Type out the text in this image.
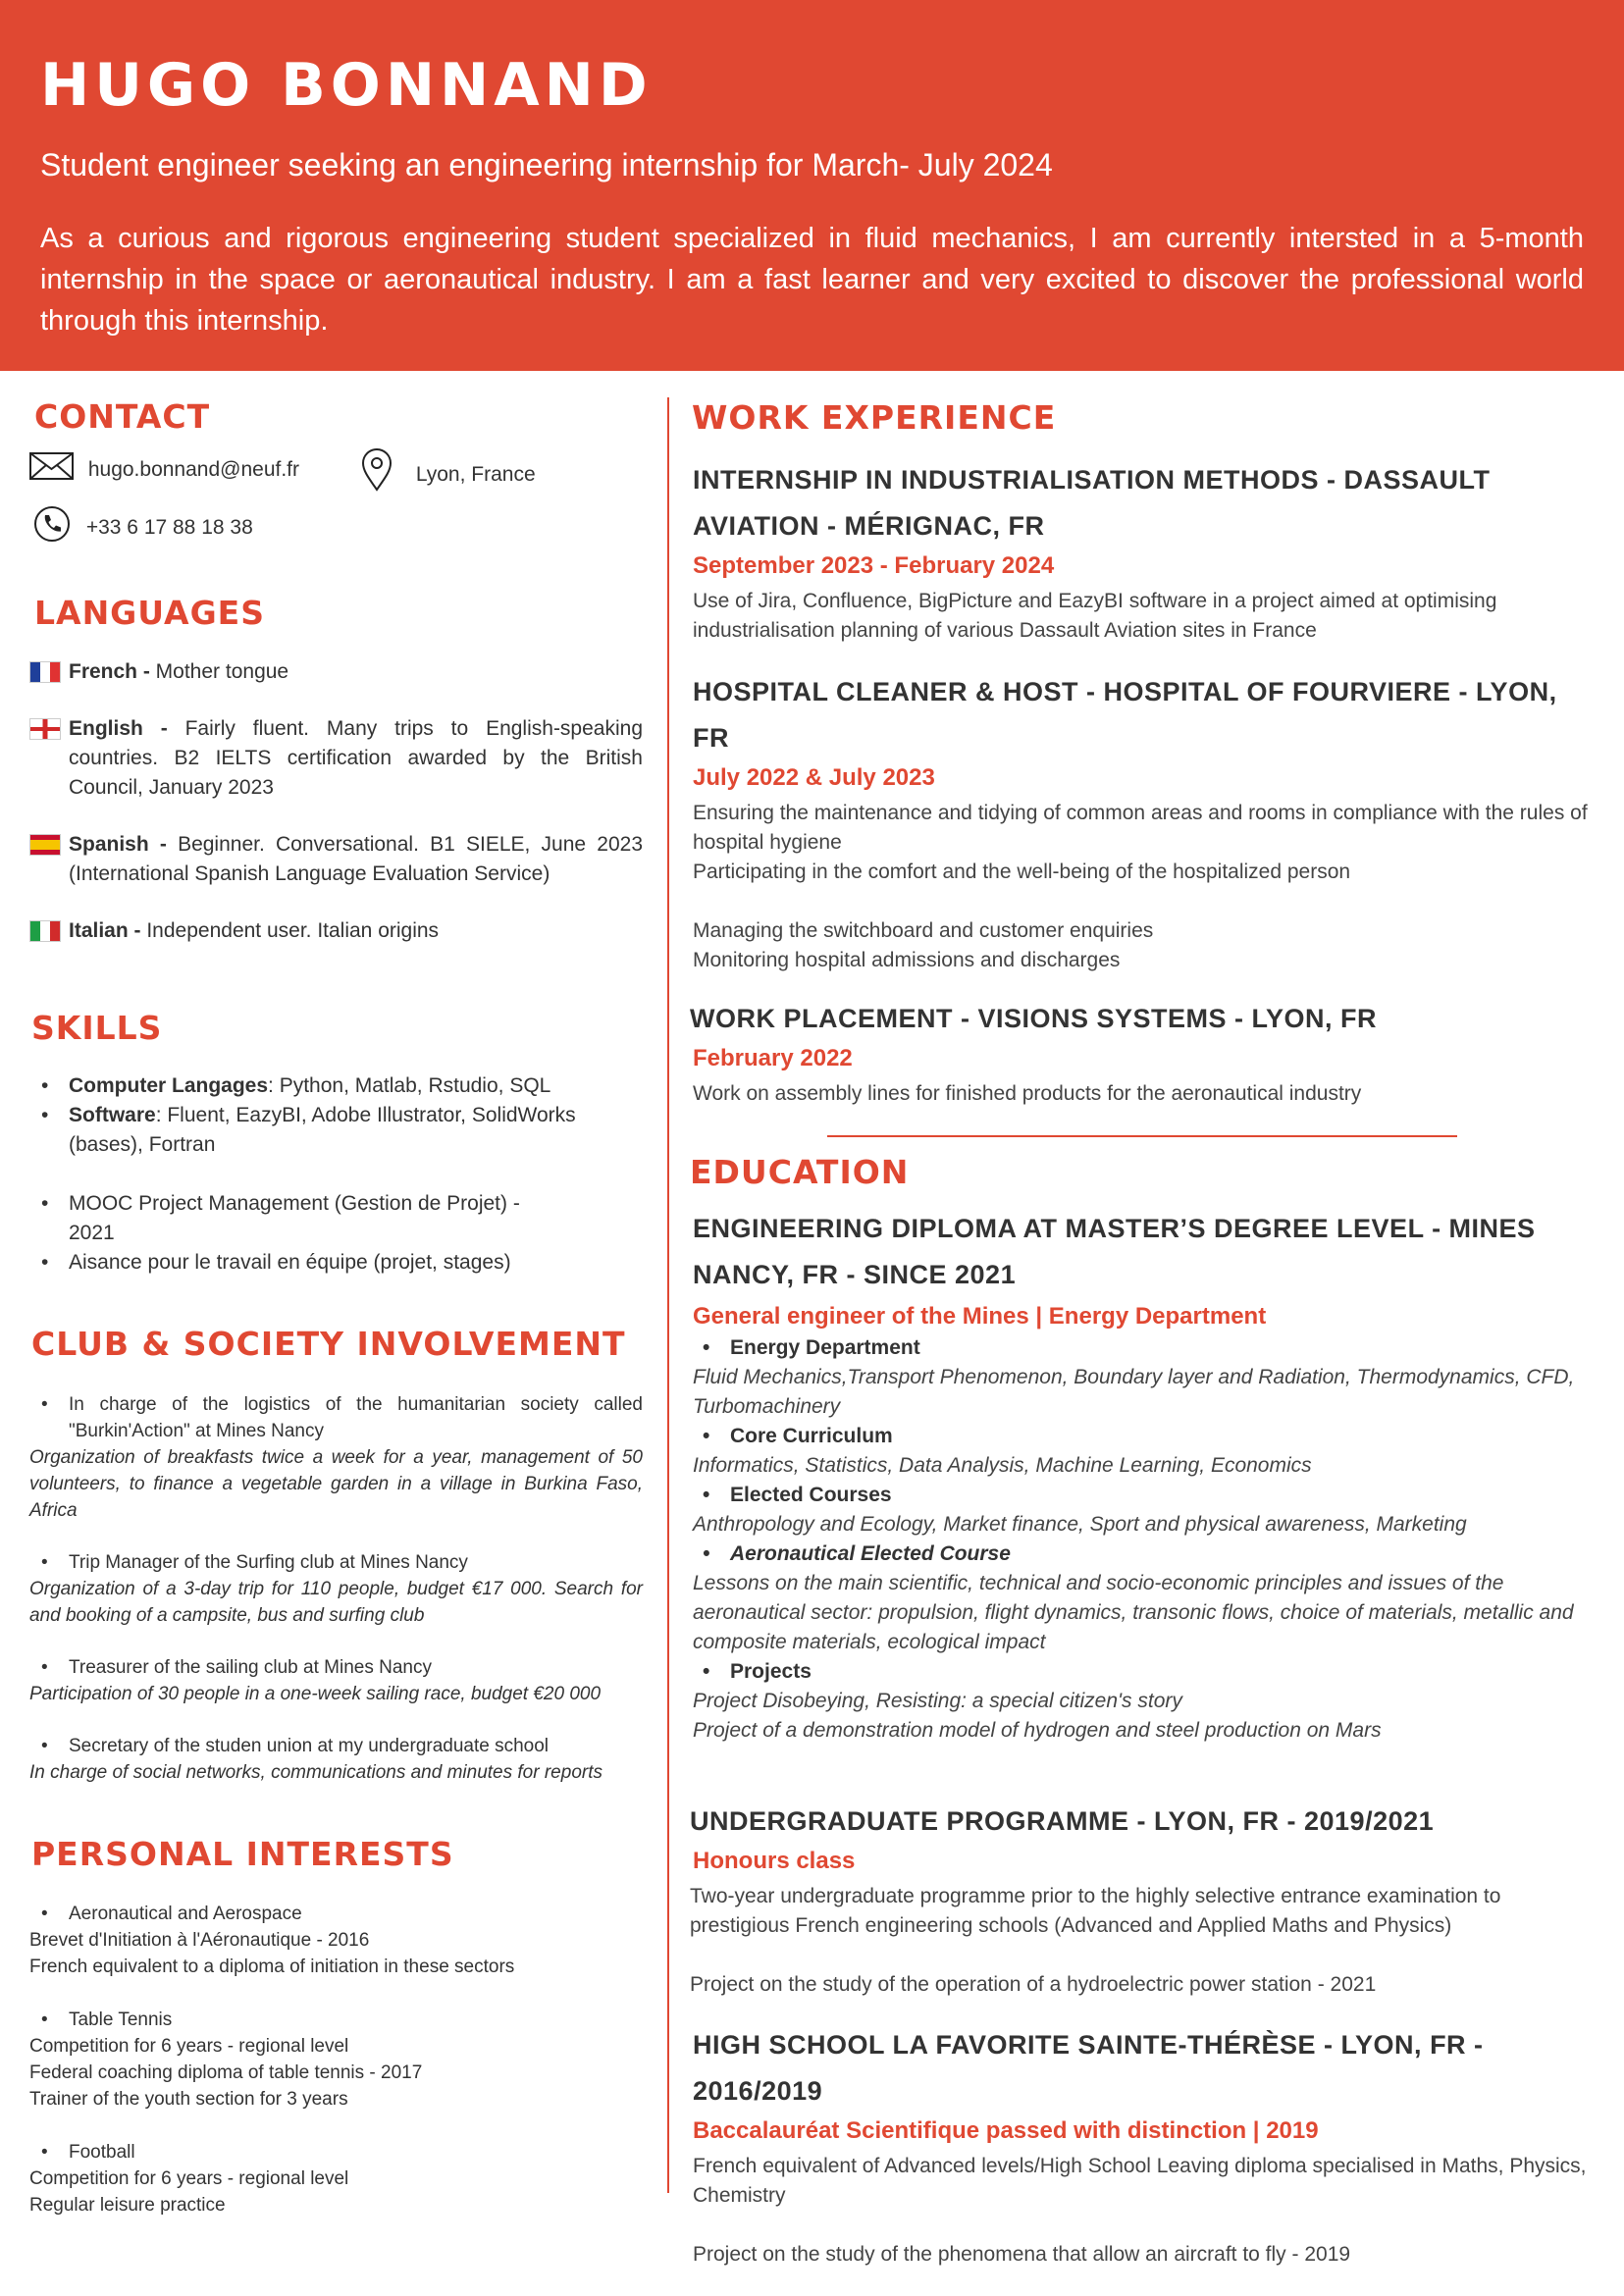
HUGO BONNAND
Student engineer seeking an engineering internship for March- July 2024
As a curious and rigorous engineering student specialized in fluid mechanics, I am currently intersted in a 5-month internship in the space or aeronautical industry. I am a fast learner and very excited to discover the professional world through this internship.
CONTACT
hugo.bonnand@neuf.fr	Lyon, France
+33 6 17 88 18 38
LANGUAGES
French - Mother tongue
English - Fairly fluent. Many trips to English-speaking countries. B2 IELTS certification awarded by the British Council, January 2023
Spanish - Beginner. Conversational. B1 SIELE, June 2023 (International Spanish Language Evaluation Service)
Italian - Independent user. Italian origins
SKILLS
• Computer Langages: Python, Matlab, Rstudio, SQL
• Software: Fluent, EazyBI, Adobe Illustrator, SolidWorks (bases), Fortran
• MOOC Project Management (Gestion de Projet) - 2021
• Aisance pour le travail en équipe (projet, stages)
CLUB & SOCIETY INVOLVEMENT
• In charge of the logistics of the humanitarian society called "Burkin'Action" at Mines Nancy
Organization of breakfasts twice a week for a year, management of 50 volunteers, to finance a vegetable garden in a village in Burkina Faso, Africa
• Trip Manager of the Surfing club at Mines Nancy
Organization of a 3-day trip for 110 people, budget €17 000. Search for and booking of a campsite, bus and surfing club
• Treasurer of the sailing club at Mines Nancy
Participation of 30 people in a one-week sailing race, budget €20 000
• Secretary of the studen union at my undergraduate school
In charge of social networks, communications and minutes for reports
PERSONAL INTERESTS
• Aeronautical and Aerospace
Brevet d'Initiation à l'Aéronautique - 2016
French equivalent to a diploma of initiation in these sectors
• Table Tennis
Competition for 6 years - regional level
Federal coaching diploma of table tennis - 2017
Trainer of the youth section for 3 years
• Football
Competition for 6 years - regional level
Regular leisure practice
WORK EXPERIENCE
INTERNSHIP IN INDUSTRIALISATION METHODS - DASSAULT AVIATION - MÉRIGNAC, FR
September 2023 - February 2024
Use of Jira, Confluence, BigPicture and EazyBI software in a project aimed at optimising industrialisation planning of various Dassault Aviation sites in France
HOSPITAL CLEANER & HOST - HOSPITAL OF FOURVIERE - LYON, FR
July 2022 & July 2023
Ensuring the maintenance and tidying of common areas and rooms in compliance with the rules of hospital hygiene
Participating in the comfort and the well-being of the hospitalized person
Managing the switchboard and customer enquiries
Monitoring hospital admissions and discharges
WORK PLACEMENT - VISIONS SYSTEMS - LYON, FR
February 2022
Work on assembly lines for finished products for the aeronautical industry
EDUCATION
ENGINEERING DIPLOMA AT MASTER’S DEGREE LEVEL - MINES NANCY, FR - SINCE 2021
General engineer of the Mines | Energy Department
• Energy Department
Fluid Mechanics,Transport Phenomenon, Boundary layer and Radiation, Thermodynamics, CFD, Turbomachinery
• Core Curriculum
Informatics, Statistics, Data Analysis, Machine Learning, Economics
• Elected Courses
Anthropology and Ecology, Market finance, Sport and physical awareness, Marketing
• Aeronautical Elected Course
Lessons on the main scientific, technical and socio-economic principles and issues of the aeronautical sector: propulsion, flight dynamics, transonic flows, choice of materials, metallic and composite materials, ecological impact
• Projects
Project Disobeying, Resisting: a special citizen's story
Project of a demonstration model of hydrogen and steel production on Mars
UNDERGRADUATE PROGRAMME - LYON, FR - 2019/2021
Honours class
Two-year undergraduate programme prior to the highly selective entrance examination to prestigious French engineering schools (Advanced and Applied Maths and Physics)
Project on the study of the operation of a hydroelectric power station - 2021
HIGH SCHOOL LA FAVORITE SAINTE-THÉRÈSE - LYON, FR - 2016/2019
Baccalauréat Scientifique passed with distinction | 2019
French equivalent of Advanced levels/High School Leaving diploma specialised in Maths, Physics, Chemistry
Project on the study of the phenomena that allow an aircraft to fly - 2019
